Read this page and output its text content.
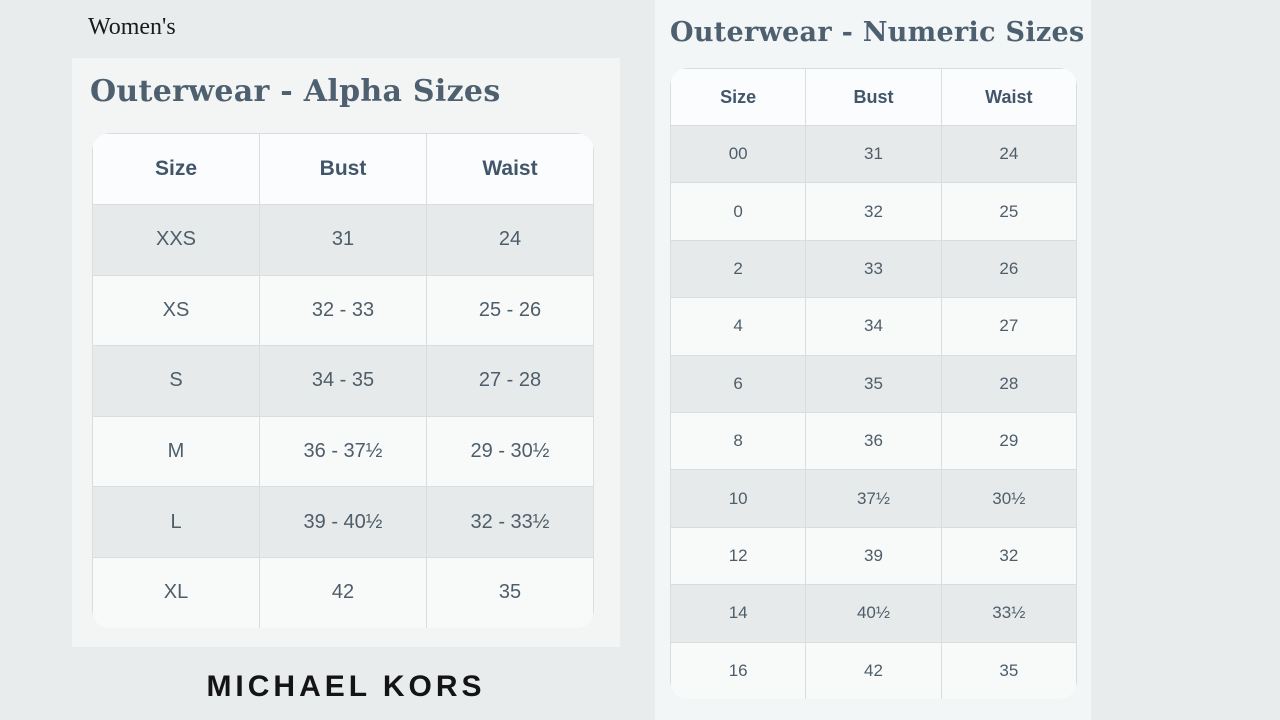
Women's
Outerwear - Alpha Sizes
Size	Bust	Waist
XXS	31	24
XS	32 - 33	25 - 26
S	34 - 35	27 - 28
M	36 - 37½	29 - 30½
L	39 - 40½	32 - 33½
XL	42	35
MICHAEL KORS
Outerwear - Numeric Sizes
Size	Bust	Waist
00	31	24
0	32	25
2	33	26
4	34	27
6	35	28
8	36	29
10	37½	30½
12	39	32
14	40½	33½
16	42	35
